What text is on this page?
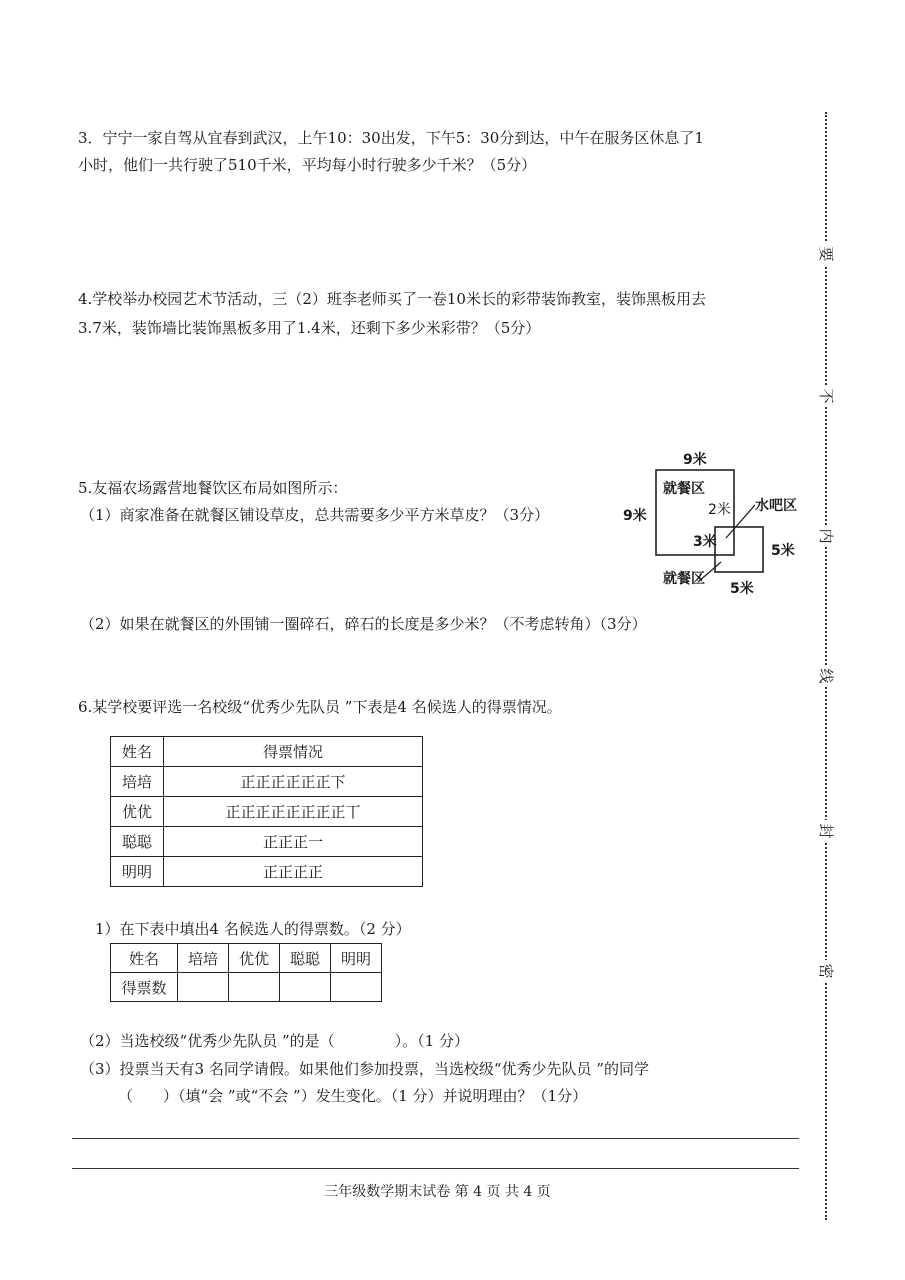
要
不
内
线
封
密
3．宁宁一家自驾从宜春到武汉，上午10：30出发，下午5：30分到达，中午在服务区休息了1
小时，他们一共行驶了510千米，平均每小时行驶多少千米？（5分）
4.学校举办校园艺术节活动，三（2）班李老师买了一卷10米长的彩带装饰教室，装饰黑板用去
3.7米，装饰墙比装饰黑板多用了1.4米，还剩下多少米彩带？（5分）
5.友福农场露营地餐饮区布局如图所示：
（1）商家准备在就餐区铺设草皮，总共需要多少平方米草皮？（3分）
（2）如果在就餐区的外围铺一圈碎石，碎石的长度是多少米？（不考虑转角）（3分）
9米
9米
就餐区
水吧区
2米
3米
5米
就餐区
5米
6.某学校要评选一名校级“优秀少先队员 ”下表是4 名候选人的得票情况。
姓名	得票情况
培培	正正正正正正下
优优	正正正正正正正正丅
聪聪	正正正一
明明	正正正正
1）在下表中填出4 名候选人的得票数。（2 分）
姓名	培培	优优	聪聪	明明
得票数				
（2）当选校级“优秀少先队员 ”的是（　　　　）。（1 分）
（3）投票当天有3 名同学请假。如果他们参加投票，当选校级“优秀少先队员 ”的同学
（　　）（填“会 ”或“不会 ”）发生变化。（1 分）并说明理由？（1分）
三年级数学期末试卷 第 4 页 共 4 页
